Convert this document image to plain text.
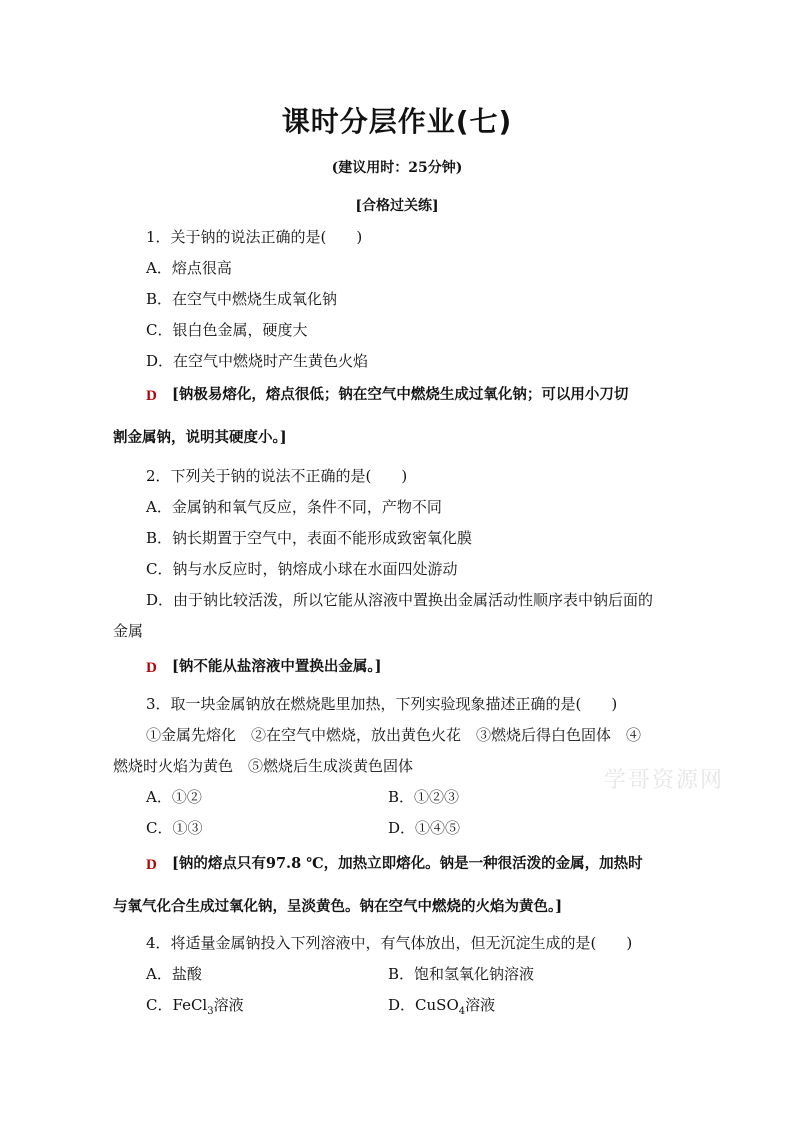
课时分层作业(七)
(建议用时：25分钟)
[合格过关练]
1．关于钠的说法正确的是(　　)
A．熔点很高
B．在空气中燃烧生成氧化钠
C．银白色金属，硬度大
D．在空气中燃烧时产生黄色火焰
D [钠极易熔化，熔点很低；钠在空气中燃烧生成过氧化钠；可以用小刀切
割金属钠，说明其硬度小。]
2．下列关于钠的说法不正确的是(　　)
A．金属钠和氧气反应，条件不同，产物不同
B．钠长期置于空气中，表面不能形成致密氧化膜
C．钠与水反应时，钠熔成小球在水面四处游动
D．由于钠比较活泼，所以它能从溶液中置换出金属活动性顺序表中钠后面的
金属
D [钠不能从盐溶液中置换出金属。]
3．取一块金属钠放在燃烧匙里加热，下列实验现象描述正确的是(　　)
①金属先熔化　②在空气中燃烧，放出黄色火花　③燃烧后得白色固体　④
燃烧时火焰为黄色　⑤燃烧后生成淡黄色固体
A．①②	B．①②③
C．①③	D．①④⑤
D [钠的熔点只有97.8 ℃，加热立即熔化。钠是一种很活泼的金属，加热时
与氧气化合生成过氧化钠，呈淡黄色。钠在空气中燃烧的火焰为黄色。]
4．将适量金属钠投入下列溶液中，有气体放出，但无沉淀生成的是(　　)
A．盐酸	B．饱和氢氧化钠溶液
C．FeCl$_3$溶液	D．CuSO$_4$溶液
学哥资源网
